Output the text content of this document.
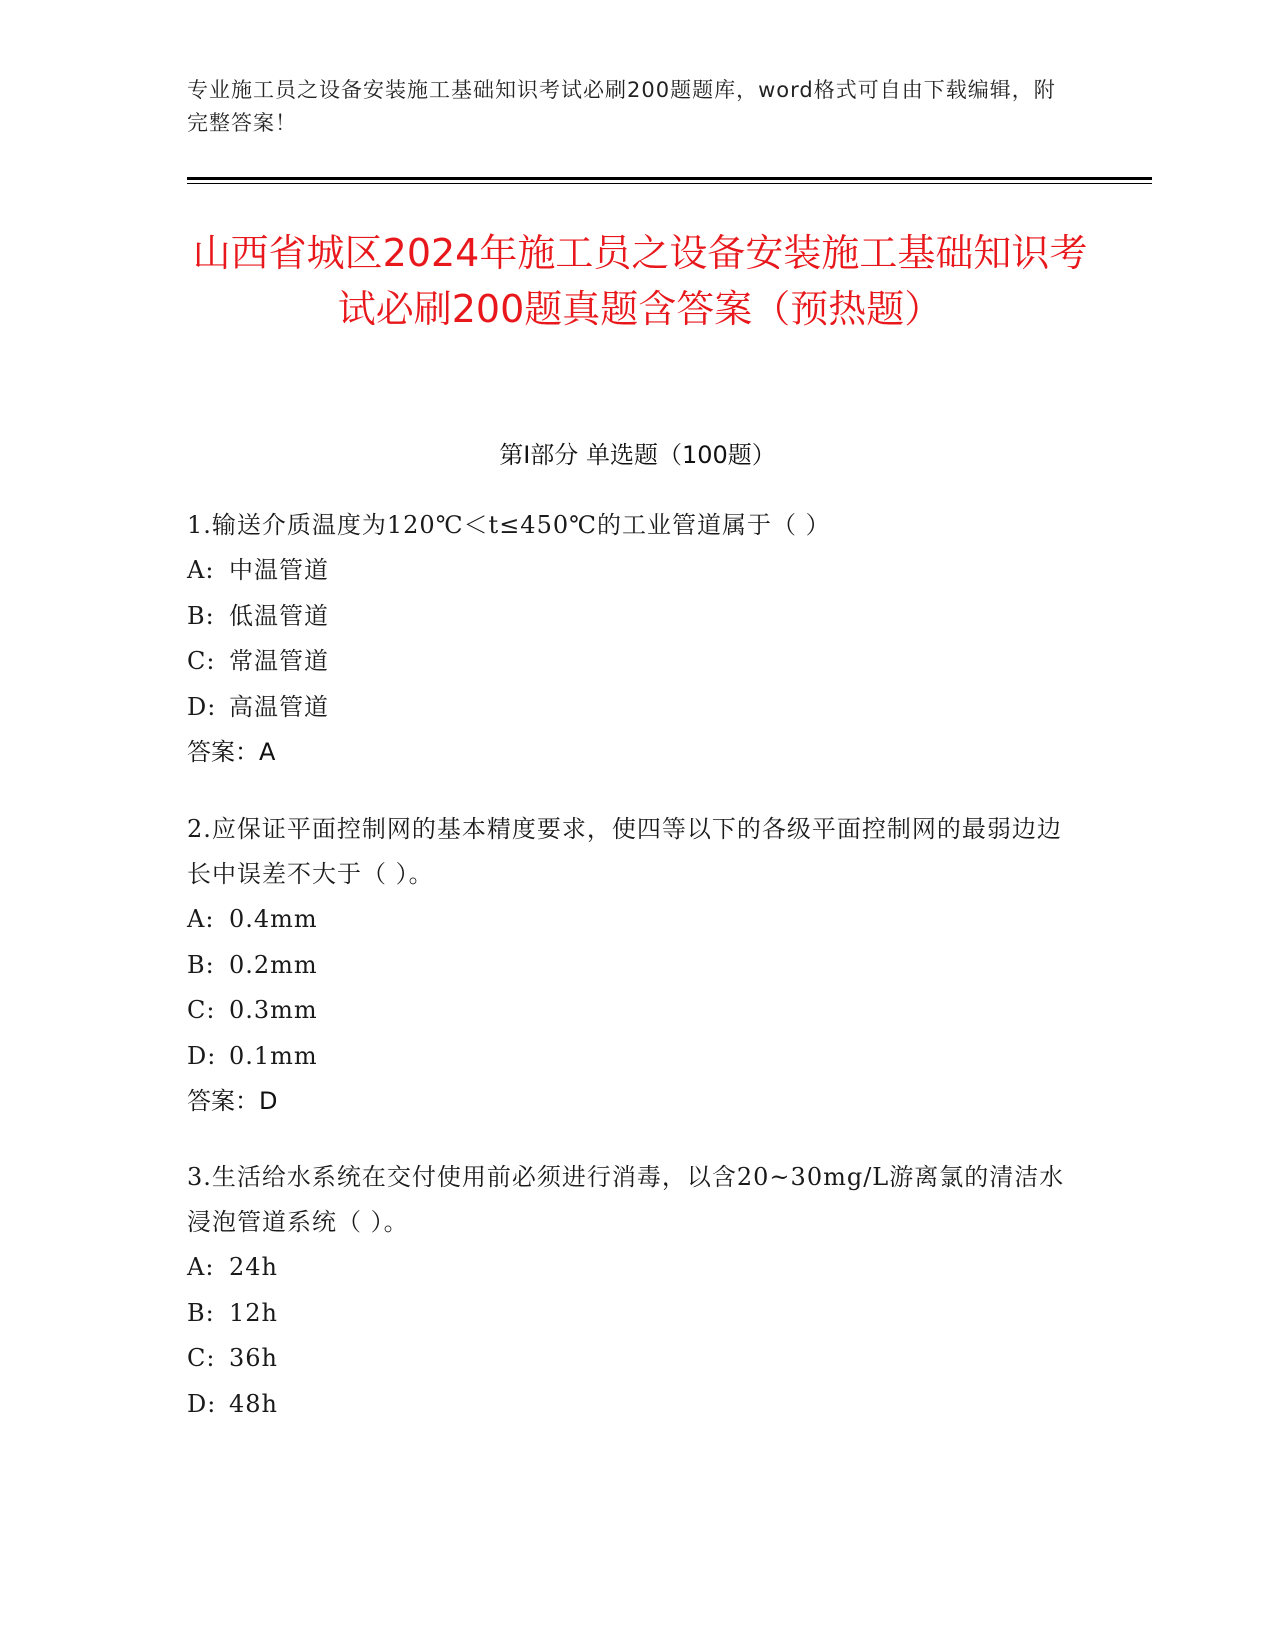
专业施工员之设备安装施工基础知识考试必刷200题题库，word格式可自由下载编辑，附完整答案！
山西省城区2024年施工员之设备安装施工基础知识考试必刷200题真题含答案（预热题）
第Ⅰ部分 单选题（100题）
1.输送介质温度为120℃＜t≤450℃的工业管道属于（ ）
A: 中温管道
B: 低温管道
C: 常温管道
D: 高温管道
答案：A
2.应保证平面控制网的基本精度要求，使四等以下的各级平面控制网的最弱边边长中误差不大于（ ）。
A: 0.4mm
B: 0.2mm
C: 0.3mm
D: 0.1mm
答案：D
3.生活给水系统在交付使用前必须进行消毒，以含20~30mg/L游离氯的清洁水浸泡管道系统（ ）。
A: 24h
B: 12h
C: 36h
D: 48h
